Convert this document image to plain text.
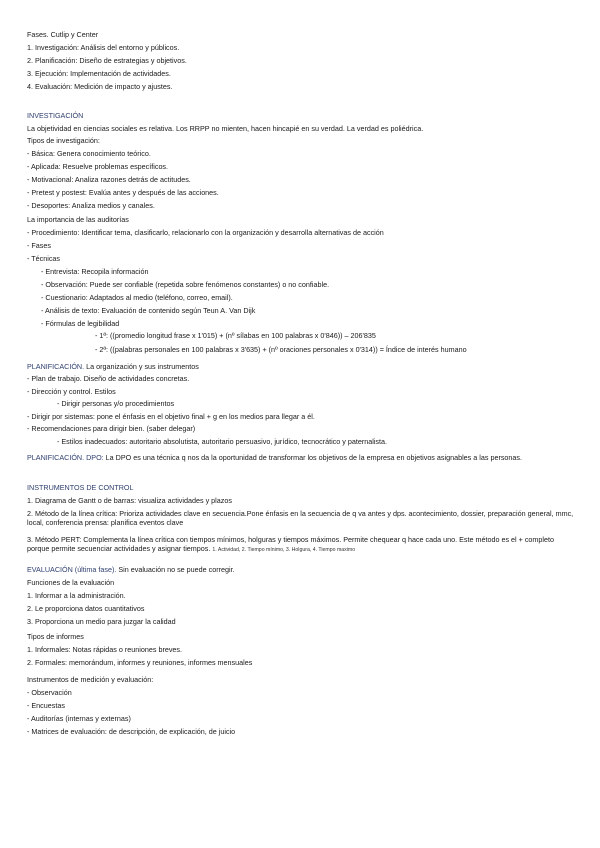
Fases. Cutlip y Center
1. Investigación: Análisis del entorno y públicos.
2. Planificación: Diseño de estrategias y objetivos.
3. Ejecución: Implementación de actividades.
4. Evaluación: Medición de impacto y ajustes.
INVESTIGACIÓN
La objetividad en ciencias sociales es relativa. Los RRPP no mienten, hacen hincapié en su verdad. La verdad es poliédrica.
Tipos de investigación:
- Básica: Genera conocimiento teórico.
- Aplicada: Resuelve problemas específicos.
- Motivacional: Analiza razones detrás de actitudes.
- Pretest y postest: Evalúa antes y después de las acciones.
- Desoportes: Analiza medios y canales.
La importancia de las auditorías
- Procedimiento: Identificar tema, clasificarlo, relacionarlo con la organización y desarrolla alternativas de acción
- Fases
- Técnicas
- Entrevista: Recopila información
- Observación: Puede ser confiable (repetida sobre fenómenos constantes) o no confiable.
- Cuestionario: Adaptados al medio (teléfono, correo, email).
- Análisis de texto: Evaluación de contenido según Teun A. Van Dijk
- Fórmulas de legibilidad
- 1ª: ((promedio longitud frase x 1'015) + (nº sílabas en 100 palabras x 0'846)) – 206'835
- 2ª: ((palabras personales en 100 palabras x 3'635) + (nº oraciones personales x 0'314)) = Índice de interés humano
PLANIFICACIÓN. La organización y sus instrumentos
- Plan de trabajo. Diseño de actividades concretas.
- Dirección y control. Estilos
- Dirigir personas y/o procedimientos
- Dirigir por sistemas: pone el énfasis en el objetivo final + g en los medios para llegar a él.
- Recomendaciones para dirigir bien. (saber delegar)
- Estilos inadecuados: autoritario absolutista, autoritario persuasivo, jurídico, tecnocrático y paternalista.
PLANIFICACIÓN. DPO: La DPO es una técnica q nos da la oportunidad de transformar los objetivos de la empresa en objetivos asignables a las personas.
INSTRUMENTOS DE CONTROL
1. Diagrama de Gantt o de barras: visualiza actividades y plazos
2. Método de la línea crítica: Prioriza actividades clave en secuencia.Pone énfasis en la secuencia de q va antes y dps. acontecimiento, dossier, preparación general, mmc, local, conferencia prensa: planifica eventos clave
3. Método PERT: Complementa la línea crítica con tiempos mínimos, holguras y tiempos máximos. Permite chequear q hace cada uno. Este método es el + completo porque permite secuenciar actividades y asignar tiempos. 1. Actividad, 2. Tiempo mínimo, 3. Holgura, 4. Tiempo maximo
EVALUACIÓN (última fase). Sin evaluación no se puede corregir.
Funciones de la evaluación
1. Informar a la administración.
2. Le proporciona datos cuantitativos
3. Proporciona un medio para juzgar la calidad
Tipos de informes
1. Informales: Notas rápidas o reuniones breves.
2. Formales: memorándum, informes y reuniones, informes mensuales
Instrumentos de medición y evaluación:
- Observación
- Encuestas
- Auditorías (internas y externas)
- Matrices de evaluación: de descripción, de explicación, de juicio
